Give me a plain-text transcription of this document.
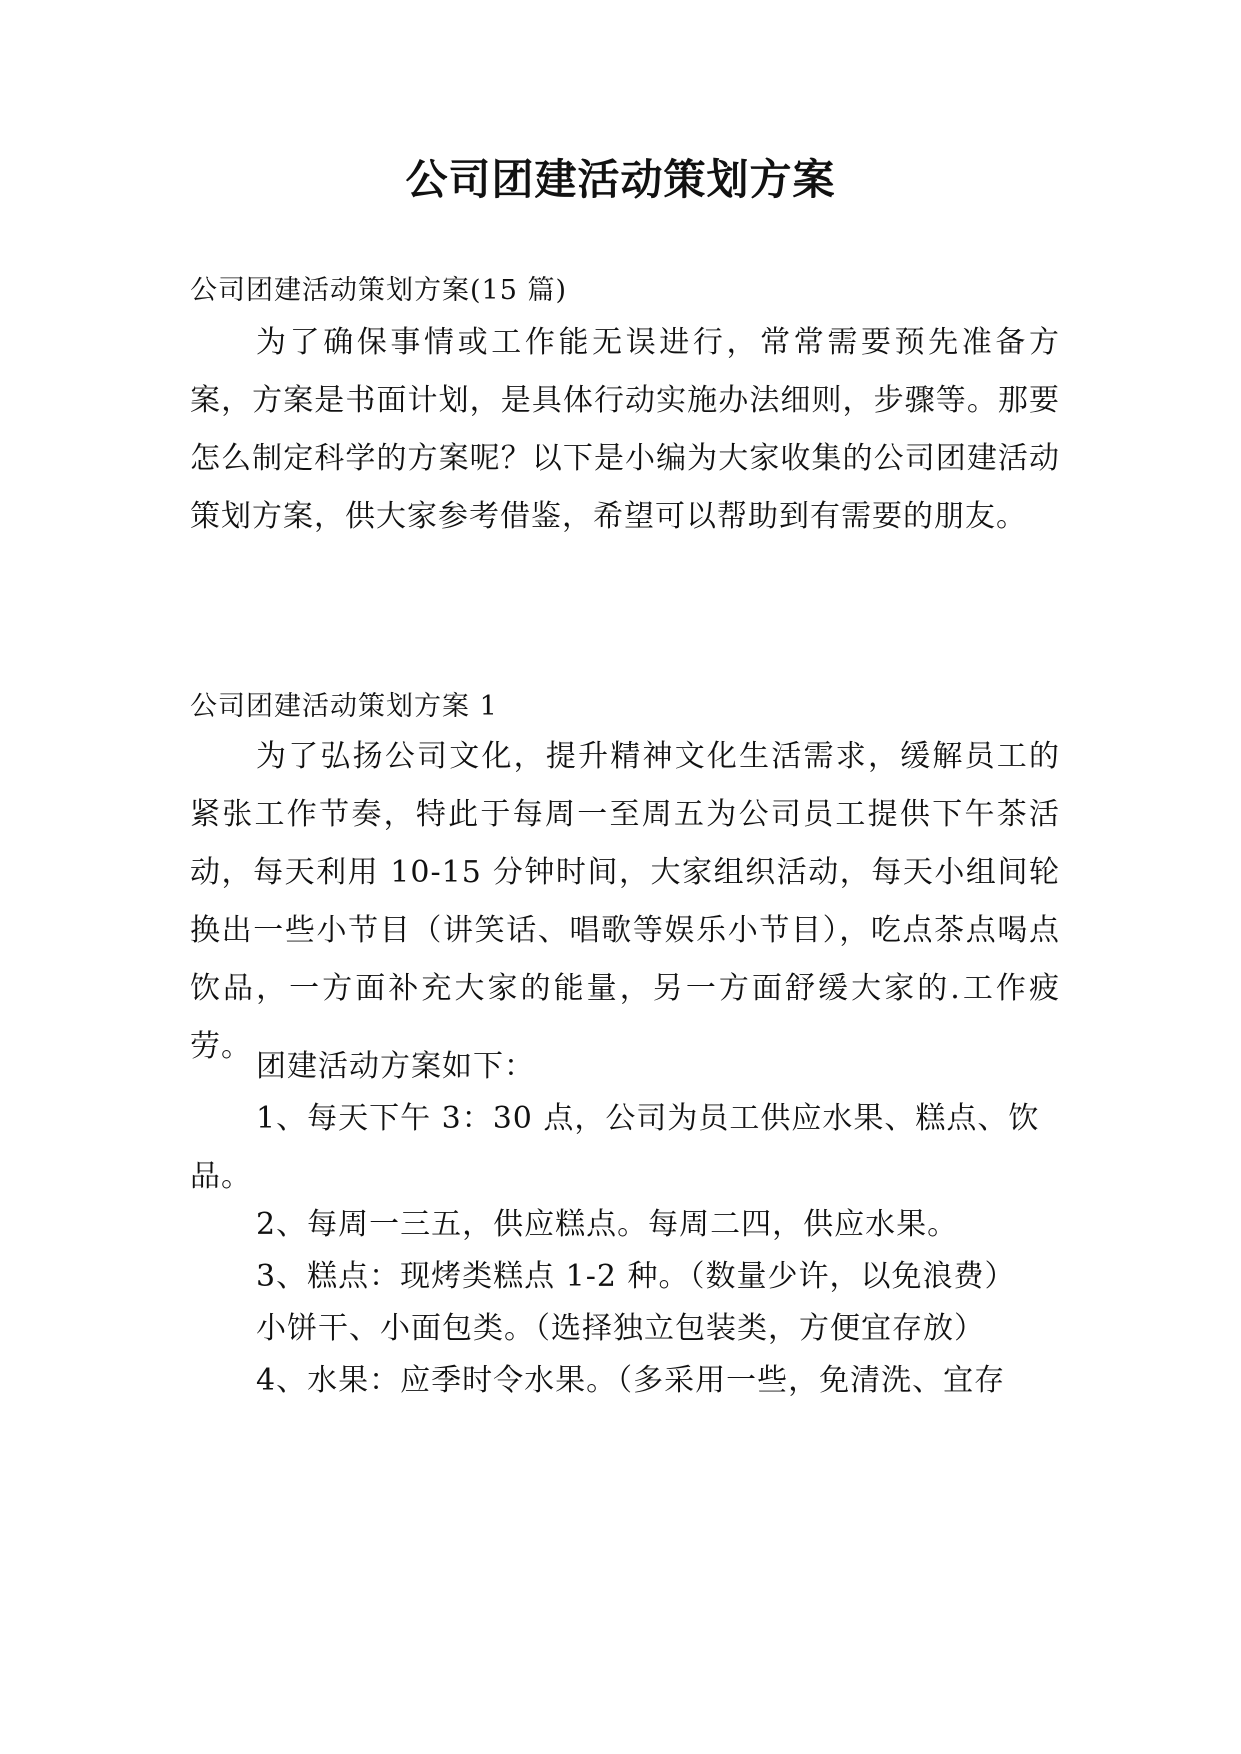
公司团建活动策划方案
公司团建活动策划方案(15 篇)

为了确保事情或工作能无误进行，常常需要预先准备方案，方案是书面计划，是具体行动实施办法细则，步骤等。那要怎么制定科学的方案呢？以下是小编为大家收集的公司团建活动策划方案，供大家参考借鉴，希望可以帮助到有需要的朋友。

公司团建活动策划方案 1

为了弘扬公司文化，提升精神文化生活需求，缓解员工的紧张工作节奏，特此于每周一至周五为公司员工提供下午茶活动，每天利用 10-15 分钟时间，大家组织活动，每天小组间轮换出一些小节目（讲笑话、唱歌等娱乐小节目），吃点茶点喝点饮品，一方面补充大家的能量，另一方面舒缓大家的.工作疲劳。

团建活动方案如下：

1、每天下午 3：30 点，公司为员工供应水果、糕点、饮品。

2、每周一三五，供应糕点。每周二四，供应水果。
3、糕点：现烤类糕点 1-2 种。（数量少许，以免浪费）
小饼干、小面包类。（选择独立包装类，方便宜存放）
4、水果：应季时令水果。（多采用一些，免清洗、宜存
